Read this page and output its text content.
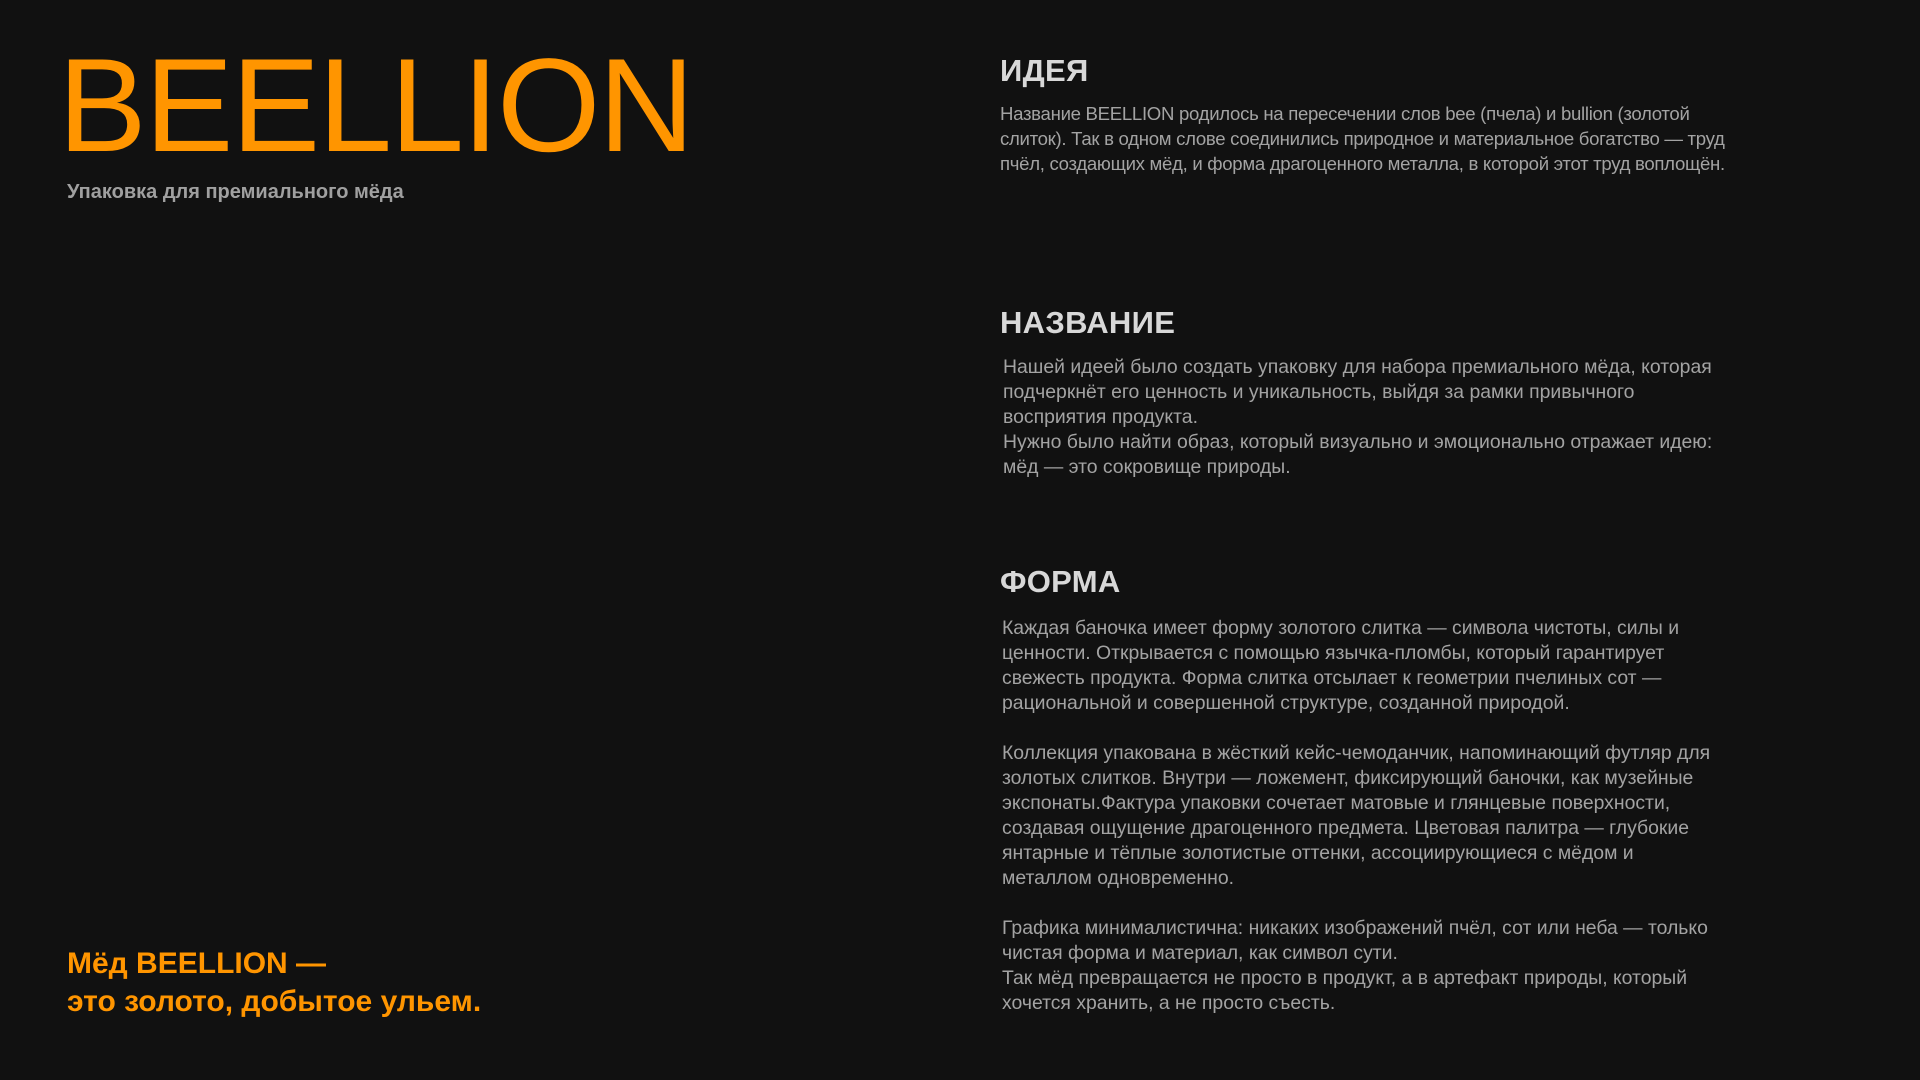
BEELLION
Упаковка для премиального мёда
ИДЕЯ

Название BEELLION родилось на пересечении слов bee (пчела) и bullion (золотой
слиток). Так в одном слове соединились природное и материальное богатство — труд
пчёл, создающих мёд, и форма драгоценного металла, в которой этот труд воплощён.

НАЗВАНИЕ

Нашей идеей было создать упаковку для набора премиального мёда, которая
подчеркнёт его ценность и уникальность, выйдя за рамки привычного
восприятия продукта.
Нужно было найти образ, который визуально и эмоционально отражает идею:
мёд — это сокровище природы.

ФОРМА

Каждая баночка имеет форму золотого слитка — символа чистоты, силы и
ценности. Открывается с помощью язычка-пломбы, который гарантирует
свежесть продукта. Форма слитка отсылает к геометрии пчелиных сот —
рациональной и совершенной структуре, созданной природой.

Коллекция упакована в жёсткий кейс-чемоданчик, напоминающий футляр для
золотых слитков. Внутри — ложемент, фиксирующий баночки, как музейные
экспонаты.Фактура упаковки сочетает матовые и глянцевые поверхности,
создавая ощущение драгоценного предмета. Цветовая палитра — глубокие
янтарные и тёплые золотистые оттенки, ассоциирующиеся с мёдом и
металлом одновременно.

Графика минималистична: никаких изображений пчёл, сот или неба — только
чистая форма и материал, как символ сути.
Так мёд превращается не просто в продукт, а в артефакт природы, который
хочется хранить, а не просто съесть.

Мёд BEELLION —
это золото, добытое ульем.
